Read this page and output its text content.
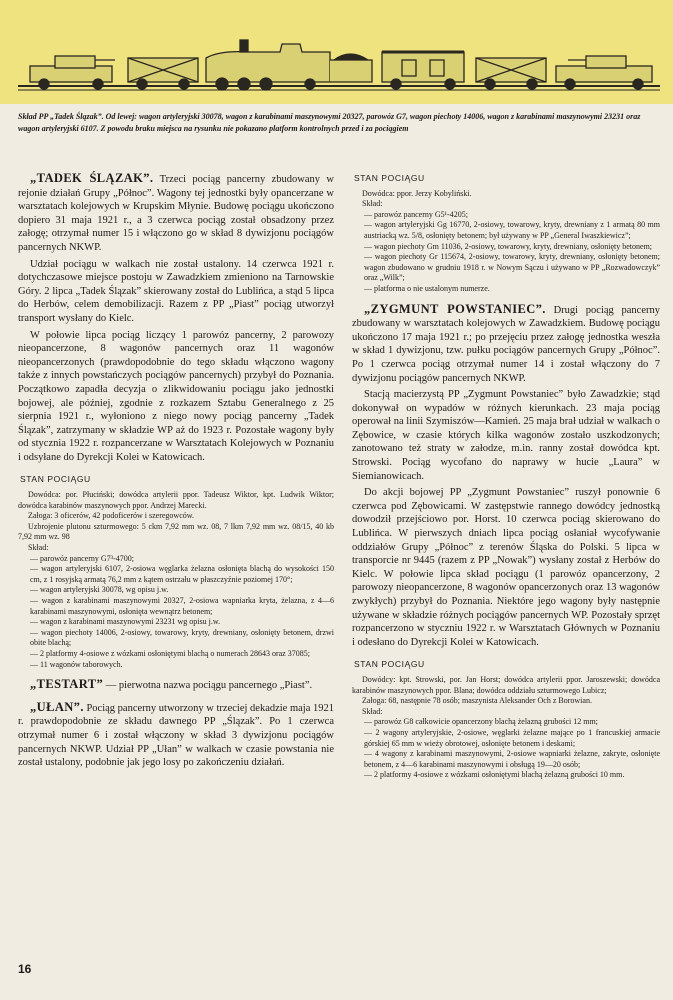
Skład PP „Tadek Ślązak”. Od lewej: wagon artyleryjski 30078, wagon z karabinami maszynowymi 20327, parowóz G7, wagon piechoty 14006, wagon z karabinami maszynowymi 23231 oraz wagon artyleryjski 6107. Z powodu braku miejsca na rysunku nie pokazano platform kontrolnych przed i za pociągiem

„TADEK ŚLĄZAK”. Trzeci pociąg pancerny zbudowany w rejonie działań Grupy „Północ”. Wagony tej jednostki były opancerzane w warsztatach kolejowych w Krupskim Młynie. Budowę pociągu ukończono dopiero 31 maja 1921 r., a 3 czerwca pociąg został obsadzony przez załogę; otrzymał numer 15 i włączono go w skład 8 dywizjonu pociągów pancernych NKWP.

Udział pociągu w walkach nie został ustalony. 14 czerwca 1921 r. dotychczasowe miejsce postoju w Zawadzkiem zmieniono na Tarnowskie Góry. 2 lipca „Tadek Ślązak” skierowany został do Lublińca, a stąd 5 lipca do Herbów, celem demobilizacji. Razem z PP „Piast” pociąg utworzył transport wysłany do Kielc.

W połowie lipca pociąg liczący 1 parowóz pancerny, 2 parowozy nieopancerzone, 8 wagonów pancernych oraz 11 wagonów nieopancerzonych (prawdopodobnie do tego składu włączono wagony także z innych powstańczych pociągów pancernych) przybył do Poznania. Początkowo zapadła decyzja o zlikwidowaniu pociągu jako jednostki bojowej, ale później, zgodnie z rozkazem Sztabu Generalnego z 25 sierpnia 1921 r., wyłoniono z niego nowy pociąg pancerny „Tadek Ślązak”, zatrzymany w składzie WP aż do 1923 r. Pozostałe wagony były od stycznia 1922 r. rozpancerzane w Warsztatach Kolejowych w Poznaniu i odsyłane do Dyrekcji Kolei w Katowicach.

STAN POCIĄGU

Dowódca: por. Płuciński; dowódca artylerii ppor. Tadeusz Wiktor, kpt. Ludwik Wiktor; dowódca karabinów maszynowych ppor. Andrzej Marecki.

Załoga: 3 oficerów, 42 podoficerów i szeregowców.

Uzbrojenie plutonu szturmowego: 5 ckm 7,92 mm wz. 08, 7 lkm 7,92 mm wz. 08/15, 40 kb 7,92 mm wz. 98

Skład:

— parowóz pancerny G7³-4700;

— wagon artyleryjski 6107, 2-osiowa węglarka żelazna osłonięta blachą do wysokości 150 cm, z 1 rosyjską armatą 76,2 mm z kątem ostrzału w płaszczyźnie poziomej 170°;

— wagon artyleryjski 30078, wg opisu j.w.

— wagon z karabinami maszynowymi 20327, 2-osiowa wapniarka kryta, żelazna, z 4—6 karabinami maszynowymi, osłonięta wewnątrz betonem;

— wagon z karabinami maszynowymi 23231 wg opisu j.w.

— wagon piechoty 14006, 2-osiowy, towarowy, kryty, drewniany, osłonięty betonem, drzwi obite blachą;

— 2 platformy 4-osiowe z wózkami osłoniętymi blachą o numerach 28643 oraz 37085;

— 11 wagonów taborowych.

„TESTART” — pierwotna nazwa pociągu pancernego „Piast”.

„UŁAN”. Pociąg pancerny utworzony w trzeciej dekadzie maja 1921 r. prawdopodobnie ze składu dawnego PP „Ślązak”. Po 1 czerwca otrzymał numer 6 i został włączony w skład 3 dywizjonu pociągów pancernych NKWP. Udział PP „Ułan” w walkach w czasie powstania nie został ustalony, podobnie jak jego losy po zakończeniu działań.

STAN POCIĄGU

Dowódca: ppor. Jerzy Kobyliński.

Skład:

— parowóz pancerny G5¹-4205;

— wagon artyleryjski Gg 16770, 2-osiowy, towarowy, kryty, drewniany z 1 armatą 80 mm austriacką wz. 5/8, osłonięty betonem; był używany w PP „General Iwaszkiewicz”;

— wagon piechoty Gm 11036, 2-osiowy, towarowy, kryty, drewniany, osłonięty betonem;

— wagon piechoty Gr 115674, 2-osiowy, towarowy, kryty, drewniany, osłonięty betonem; wagon zbudowano w grudniu 1918 r. w Nowym Sączu i używano w PP „Rozwadowczyk” oraz „Wilk”;

— platforma o nie ustalonym numerze.

„ZYGMUNT POWSTANIEC”. Drugi pociąg pancerny zbudowany w warsztatach kolejowych w Zawadzkiem. Budowę pociągu ukończono 17 maja 1921 r.; po przejęciu przez załogę jednostka weszła w skład 1 dywizjonu, tzw. pułku pociągów pancernych Grupy „Północ”. Po 1 czerwca pociąg otrzymał numer 14 i został włączony do 7 dywizjonu pociągów pancernych NKWP.

Stacją macierzystą PP „Zygmunt Powstaniec” było Zawadzkie; stąd dokonywał on wypadów w różnych kierunkach. 23 maja pociąg operował na linii Szymiszów—Kamień. 25 maja brał udział w walkach o Zębowice, w czasie których kilka wagonów zostało uszkodzonych; zanotowano też straty w załodze, m.in. ranny został dowódca kpt. Strowski. Pociąg wycofano do naprawy w hucie „Laura” w Siemianowicach.

Do akcji bojowej PP „Zygmunt Powstaniec” ruszył ponownie 6 czerwca pod Zębowicami. W zastępstwie rannego dowódcy jednostką dowodził przejściowo por. Horst. 10 czerwca pociąg skierowano do Lublińca. W pierwszych dniach lipca pociąg osłaniał wycofywanie oddziałów Grupy „Północ” z terenów Śląska do Polski. 5 lipca w transporcie nr 9445 (razem z PP „Nowak”) wysłany został z Herbów do Kielc. W połowie lipca skład pociągu (1 parowóz opancerzony, 2 parowozy nieopancerzone, 8 wagonów opancerzonych oraz 13 wagonów zwykłych) przybył do Poznania. Niektóre jego wagony były następnie używane w składzie różnych pociągów pancernych WP. Pozostały sprzęt rozpancerzono w styczniu 1922 r. w Warsztatach Głównych w Poznaniu i odesłano do Dyrekcji Kolei w Katowicach.

STAN POCIĄGU

Dowódcy: kpt. Strowski, por. Jan Horst; dowódca artylerii ppor. Jaroszewski; dowódca karabinów maszynowych ppor. Blana; dowódca oddziału szturmowego Lubicz;

Załoga: 68, następnie 78 osób; maszynista Aleksander Och z Borowian.

Skład:

— parowóz G8 całkowicie opancerzony blachą żelazną grubości 12 mm;

— 2 wagony artyleryjskie, 2-osiowe, węglarki żelazne mające po 1 francuskiej armacie górskiej 65 mm w wieży obrotowej, osłonięte betonem i deskami;

— 4 wagony z karabinami maszynowymi, 2-osiowe wapniarki żelazne, zakryte, osłonięte betonem, z 4—6 karabinami maszynowymi i obsługą 19—20 osób;

— 2 platformy 4-osiowe z wózkami osłoniętymi blachą żelazną grubości 10 mm.

16
